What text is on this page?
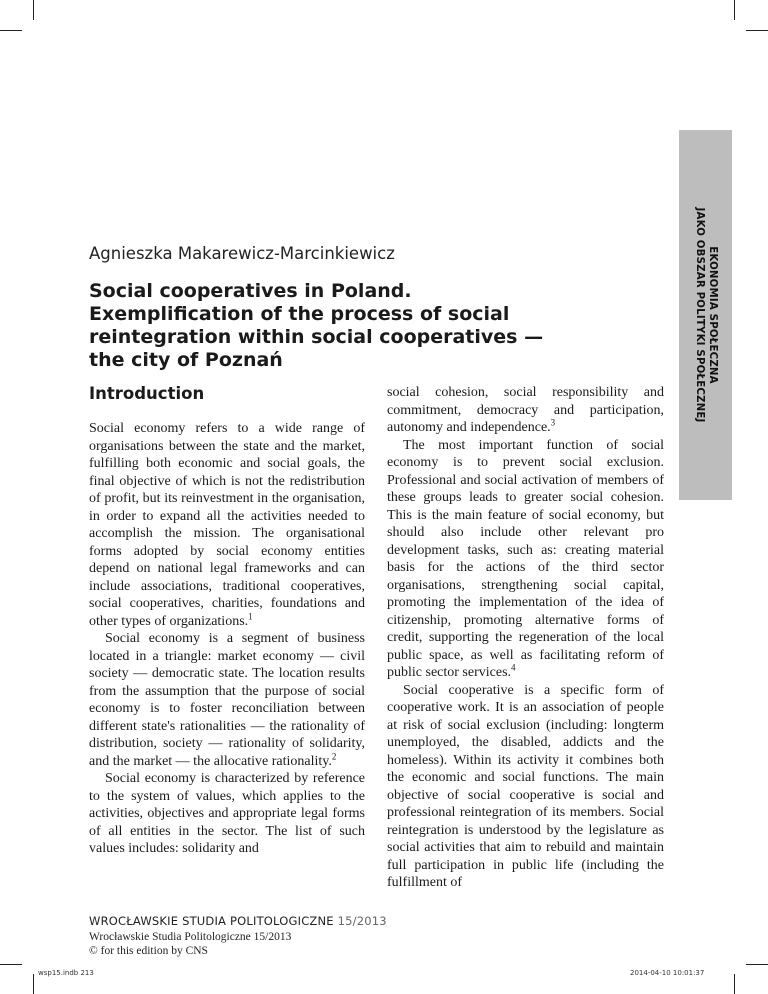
EKONOMIA SPOŁECZNA
JAKO OBSZAR POLITYKI SPOŁECZNEJ
Agnieszka Makarewicz-Marcinkiewicz
Social cooperatives in Poland. Exemplification of the process of social reintegration within social cooperatives — the city of Poznań
Introduction

Social economy refers to a wide range of organisations between the state and the market, fulfilling both economic and social goals, the final objective of which is not the redistribution of profit, but its reinvestment in the organisation, in order to expand all the activities needed to accomplish the mission. The organisational forms adopted by social economy entities depend on national legal frameworks and can include associations, traditional cooperatives, social cooperatives, charities, foundations and other types of organizations.$^1$

Social economy is a segment of business located in a triangle: market economy — civil society — democratic state. The location results from the assumption that the purpose of social economy is to foster reconciliation between different state's rationalities — the rationality of distribution, society — rationality of solidarity, and the market — the allocative rationality.$^2$

Social economy is characterized by reference to the system of values, which applies to the activities, objectives and appropriate legal forms of all entities in the sector. The list of such values includes: solidarity and

social cohesion, social responsibility and commitment, democracy and participation, autonomy and independence.$^3$

The most important function of social economy is to prevent social exclusion. Professional and social activation of members of these groups leads to greater social cohesion. This is the main feature of social economy, but should also include other relevant pro development tasks, such as: creating material basis for the actions of the third sector organisations, strengthening social capital, promoting the implementation of the idea of citizenship, promoting alternative forms of credit, supporting the regeneration of the local public space, as well as facilitating reform of public sector services.$^4$

Social cooperative is a specific form of cooperative work. It is an association of people at risk of social exclusion (including: longterm unemployed, the disabled, addicts and the homeless). Within its activity it combines both the economic and social functions. The main objective of social cooperative is social and professional reintegration of its members. Social reintegration is understood by the legislature as social activities that aim to rebuild and maintain full participation in public life (including the fulfillment of

WROCŁAWSKIE STUDIA POLITOLOGICZNE 15/2013
Wrocławskie Studia Politologiczne 15/2013
© for this edition by CNS
wsp15.indb 213	2014-04-10 10:01:37
